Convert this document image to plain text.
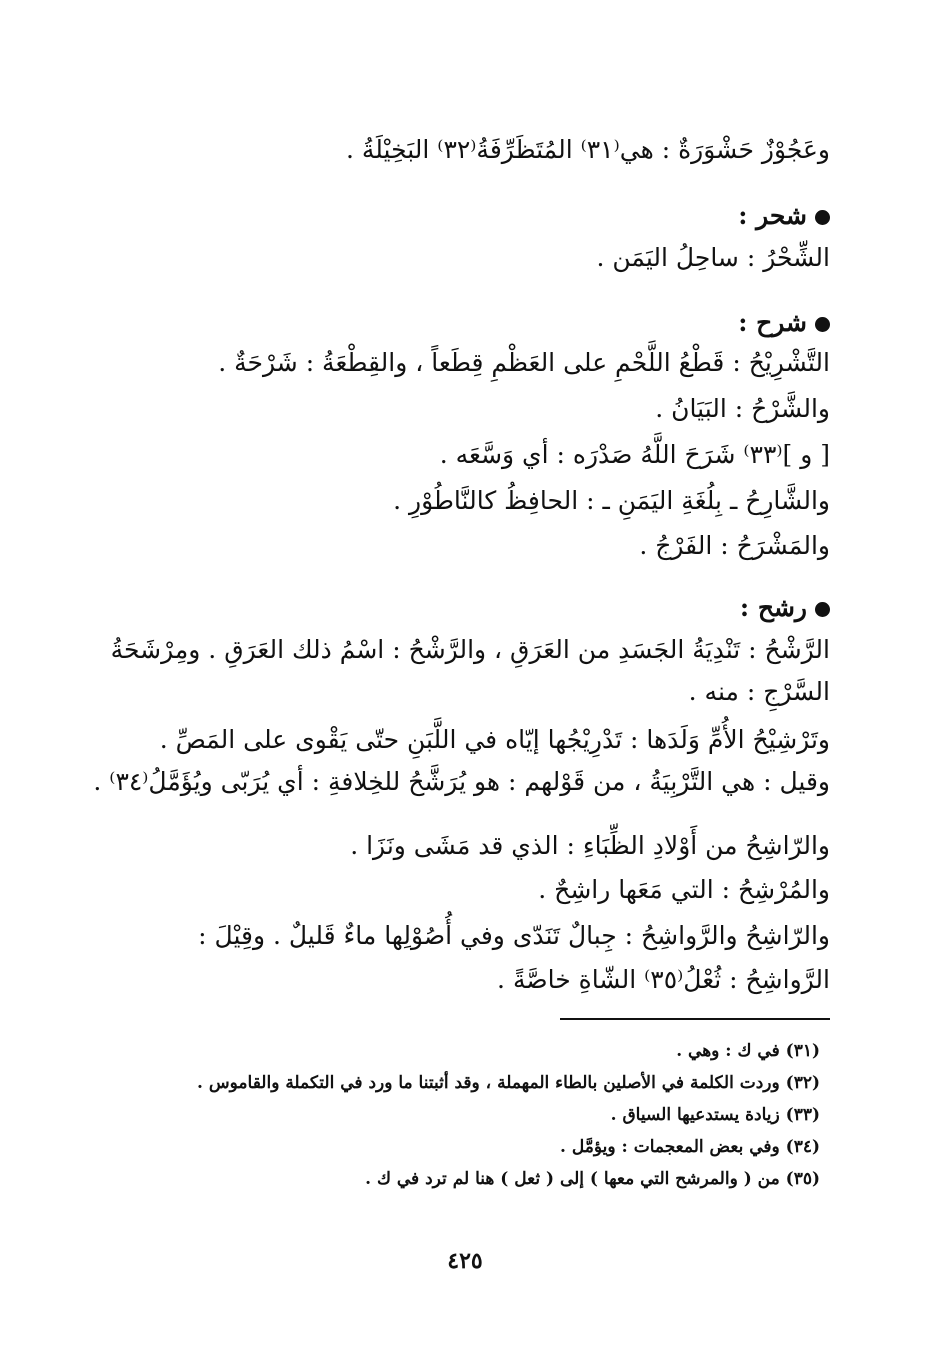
وعَجُوْزٌ حَشْوَرَةٌ : هي⁽٣١⁾ المُتَظَرِّفَةُ⁽٣٢⁾ البَخِيْلَةُ .
شحر :
الشِّحْرُ : ساحِلُ اليَمَن .
شرح :
التَّشْرِيْحُ : قَطْعُ اللَّحْمِ على العَظْمِ قِطَعاً ، والقِطْعَةُ : شَرْحَةٌ .
والشَّرْحُ : البَيَانُ .
[ و ]⁽٣٣⁾ شَرَحَ اللَّهُ صَدْرَه : أي وَسَّعَه .
والشَّارِحُ ـ بِلُغَةِ اليَمَنِ ـ : الحافِظُ كالنَّاطُوْرِ .
والمَشْرَحُ : الفَرْجُ .
رشح :
الرَّشْحُ : تَنْدِيَةُ الجَسَدِ من العَرَقِ ، والرَّشْحُ : اسْمُ ذلك العَرَقِ . ومِرْشَحَةُ
السَّرْجِ : منه .
وتَرْشِيْحُ الأُمِّ وَلَدَها : تَدْرِيْجُها إيّاه في اللَّبَنِ حتّى يَقْوى على المَصِّ .
وقيل : هي التَّرْبِيَةُ ، من قَوْلهم : هو يُرَشَّحُ للخِلافةِ : أي يُرَبّى ويُؤَمَّلُ⁽٣٤⁾ .
والرّاشِحُ من أَوْلادِ الظِّبَاءِ : الذي قد مَشَى ونَزَا .
والمُرْشِحُ : التي مَعَها راشِحٌ .
والرّاشِحُ والرَّواشِحُ : جِبالٌ تَنَدّى وفي أُصُوْلِها ماءٌ قَليلٌ . وقِيْلَ :
الرَّواشِحُ : ثُعْلُ⁽٣٥⁾ الشّاةِ خاصَّةً .
(٣١) في ك : وهي .
(٣٢) وردت الكلمة في الأصلين بالطاء المهملة ، وقد أثبتنا ما ورد في التكملة والقاموس .
(٣٣) زيادة يستدعيها السياق .
(٣٤) وفي بعض المعجمات : ويؤمَّل .
(٣٥) من ( والمرشح التي معها ) إلى ( ثعل ) هنا لم ترد في ك .
٤٢٥
